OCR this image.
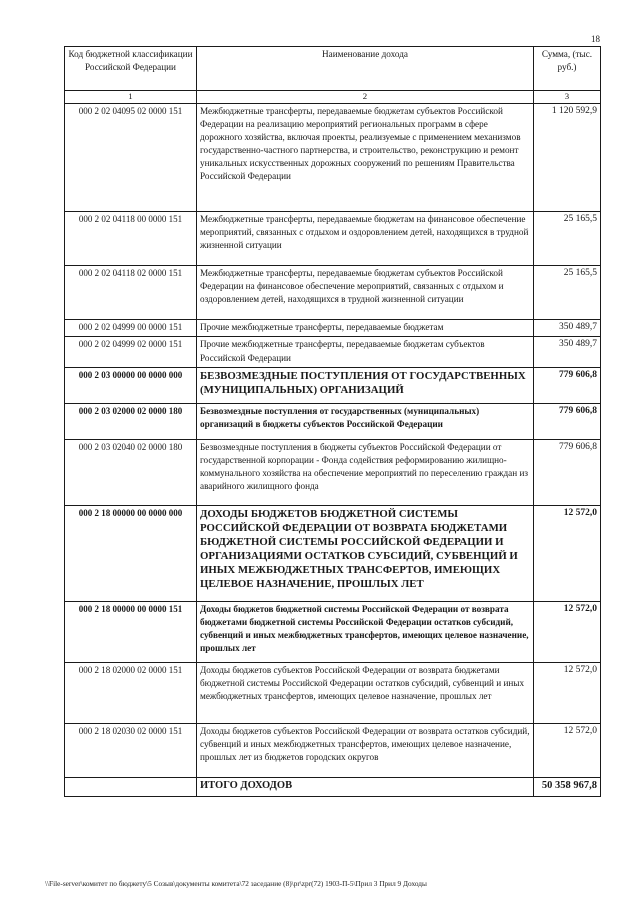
18
Код бюджетной классификации Российской Федерации	Наименование дохода	Сумма, (тыс. руб.)
1	2	3
000 2 02 04095 02 0000 151	Межбюджетные трансферты, передаваемые бюджетам субъектов Российской Федерации на реализацию мероприятий региональных программ в сфере дорожного хозяйства, включая проекты, реализуемые с применением механизмов государственно-частного партнерства, и строительство, реконструкцию и ремонт уникальных искусственных дорожных сооружений по решениям Правительства Российской Федерации	1 120 592,9
000 2 02 04118 00 0000 151	Межбюджетные трансферты, передаваемые бюджетам на финансовое обеспечение мероприятий, связанных с отдыхом и оздоровлением детей, находящихся в трудной жизненной ситуации	25 165,5
000 2 02 04118 02 0000 151	Межбюджетные трансферты, передаваемые бюджетам субъектов Российской Федерации на финансовое обеспечение мероприятий, связанных с отдыхом и оздоровлением детей, находящихся в трудной жизненной ситуации	25 165,5
000 2 02 04999 00 0000 151	Прочие межбюджетные трансферты, передаваемые бюджетам	350 489,7
000 2 02 04999 02 0000 151	Прочие межбюджетные трансферты, передаваемые бюджетам субъектов Российской Федерации	350 489,7
000 2 03 00000 00 0000 000	БЕЗВОЗМЕЗДНЫЕ ПОСТУПЛЕНИЯ ОТ ГОСУДАРСТВЕННЫХ (МУНИЦИПАЛЬНЫХ) ОРГАНИЗАЦИЙ	779 606,8
000 2 03 02000 02 0000 180	Безвозмездные поступления от государственных (муниципальных) организаций в бюджеты субъектов Российской Федерации	779 606,8
000 2 03 02040 02 0000 180	Безвозмездные поступления в бюджеты субъектов Российской Федерации от государственной корпорации - Фонда содействия реформированию жилищно-коммунального хозяйства на обеспечение мероприятий по переселению граждан из аварийного жилищного фонда	779 606,8
000 2 18 00000 00 0000 000	ДОХОДЫ БЮДЖЕТОВ БЮДЖЕТНОЙ СИСТЕМЫ РОССИЙСКОЙ ФЕДЕРАЦИИ ОТ ВОЗВРАТА БЮДЖЕТАМИ БЮДЖЕТНОЙ СИСТЕМЫ РОССИЙСКОЙ ФЕДЕРАЦИИ И ОРГАНИЗАЦИЯМИ ОСТАТКОВ СУБСИДИЙ, СУБВЕНЦИЙ И ИНЫХ МЕЖБЮДЖЕТНЫХ ТРАНСФЕРТОВ, ИМЕЮЩИХ ЦЕЛЕВОЕ НАЗНАЧЕНИЕ, ПРОШЛЫХ ЛЕТ	12 572,0
000 2 18 00000 00 0000 151	Доходы бюджетов бюджетной системы Российской Федерации от возврата бюджетами бюджетной системы Российской Федерации остатков субсидий, субвенций и иных межбюджетных трансфертов, имеющих целевое назначение, прошлых лет	12 572,0
000 2 18 02000 02 0000 151	Доходы бюджетов субъектов Российской Федерации от возврата бюджетами бюджетной системы Российской Федерации остатков субсидий, субвенций и иных межбюджетных трансфертов, имеющих целевое назначение, прошлых лет	12 572,0
000 2 18 02030 02 0000 151	Доходы бюджетов субъектов Российской Федерации от возврата остатков субсидий, субвенций и иных межбюджетных трансфертов, имеющих целевое назначение, прошлых лет из бюджетов городских округов	12 572,0
	ИТОГО ДОХОДОВ	50 358 967,8
\\File-server\комитет по бюджету\5 Созыв\документы комитета\72 заседание (8)\pr\zpr(72) 1903-П-5\Прил 3 Прил 9 Доходы
